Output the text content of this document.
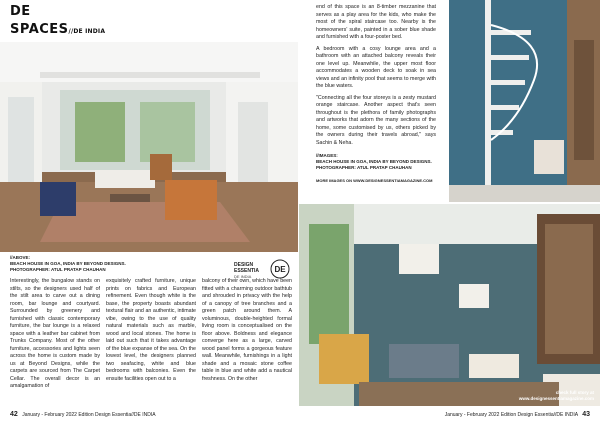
DE
SPACES//DE INDIA
//ABOVE:
BEACH HOUSE IN GOA, INDIA BY BEYOND DESIGNS.
PHOTOGRAPHER: ATUL PRATAP CHAUHAN
DESIGN
ESSENTIA
DE INDIA
DE
Interestingly, the bungalow stands on stilts, so the designers used half of the stilt area to carve out a dining room, bar lounge and courtyard. Surrounded by greenery and furnished with classic contemporary furniture, the bar lounge is a relaxed space with a leather bar cabinet from Trunks Company. Most of the other furniture, accessories and lights seen across the home is custom made by us at Beyond Designs, while the carpets are sourced from The Carpet Cellar. The overall decor is an amalgamation of
exquisitely crafted furniture, unique prints on fabrics and European refinement. Even though white is the base, the property boasts abundant textural flair and an authentic, intimate vibe, owing to the use of quality natural materials such as marble, wood and local stones. The home is laid out such that it takes advantage of the blue expanse of the sea. On the lowest level, the designers planned two seafacing, white and blue bedrooms with balconies. Even the ensuite facilities open out to a
balcony of their own, which have been fitted with a charming outdoor bathtub and shrouded in privacy with the help of a canopy of tree branches and a green patch around them. A voluminous, double-heighted formal living room is conceptualised on the floor above. Boldness and elegance converge here as a large, carved wood panel forms a gorgeous feature wall. Meanwhile, furnishings in a light shade and a mosaic stone coffee table in blue and white add a nautical freshness. On the other

end of this space is an 8-timber mezzanine that serves as a play area for the kids, who make the most of the spiral staircase too. Nearby is the homeowners' suite, painted in a sober blue shade and furnished with a four-poster bed.

A bedroom with a cosy lounge area and a bathroom with an attached balcony reveals their one level up. Meanwhile, the upper most floor accommodates a wooden deck to soak in sea views and an infinity pool that seems to merge with the blue waters.

"Connecting all the four storeys is a zesty mustard orange staircase. Another aspect that's seen throughout is the plethora of family photographs and artworks that adorn the many sections of the home, some customised by us, others picked by the owners during their travels abroad," says Sachin & Neha.

//IMAGES:
BEACH HOUSE IN GOA, INDIA BY BEYOND DESIGNS.
PHOTOGRAPHER: ATUL PRATAP CHAUHAN
MORE IMAGES ON WWW.DESIGNESSENTIAMAGAZINE.COM
check full story at
www.designessentiamagazine.com
42 January - February 2022 Edition Design Essentia//DE INDIA	January - February 2022 Edition Design Essentia//DE INDIA 43
